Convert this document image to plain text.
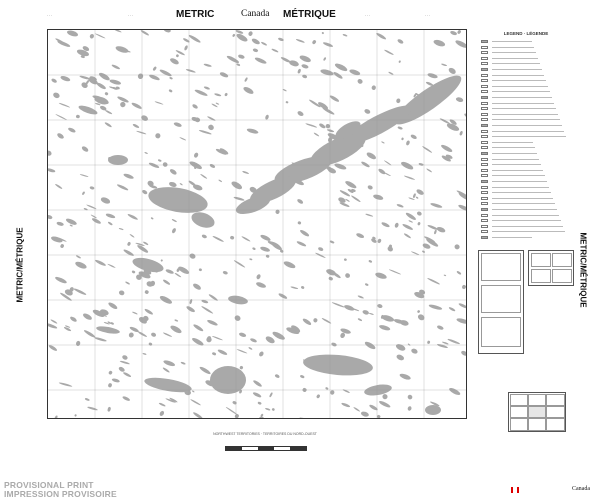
· · ·	· · ·	METRIC	Canada MÉTRIQUE	· · ·	· · ·
METRIC/MÉTRIQUE	METRIC/MÉTRIQUE
LEGEND · LÉGENDE
NORTHWEST TERRITORIES · TERRITOIRES DU NORD-OUEST
PROVISIONAL PRINT
IMPRESSION PROVISOIRE	Canada
